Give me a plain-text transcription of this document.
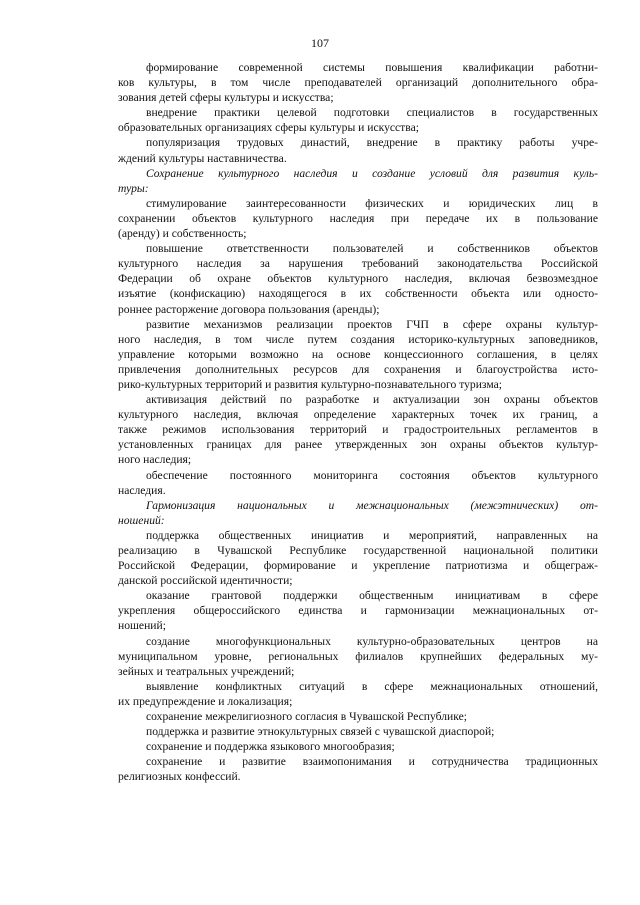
107
формирование современной системы повышения квалификации работни-
ков культуры, в том числе преподавателей организаций дополнительного обра-
зования детей сферы культуры и искусства;
внедрение практики целевой подготовки специалистов в государственных
образовательных организациях сферы культуры и искусства;
популяризация трудовых династий, внедрение в практику работы учре-
ждений культуры наставничества.
Сохранение культурного наследия и создание условий для развития куль-
туры:
стимулирование заинтересованности физических и юридических лиц в
сохранении объектов культурного наследия при передаче их в пользование
(аренду) и собственность;
повышение ответственности пользователей и собственников объектов
культурного наследия за нарушения требований законодательства Российской
Федерации об охране объектов культурного наследия, включая безвозмездное
изъятие (конфискацию) находящегося в их собственности объекта или односто-
роннее расторжение договора пользования (аренды);
развитие механизмов реализации проектов ГЧП в сфере охраны культур-
ного наследия, в том числе путем создания историко-культурных заповедников,
управление которыми возможно на основе концессионного соглашения, в целях
привлечения дополнительных ресурсов для сохранения и благоустройства исто-
рико-культурных территорий и развития культурно-познавательного туризма;
активизация действий по разработке и актуализации зон охраны объектов
культурного наследия, включая определение характерных точек их границ, а
также режимов использования территорий и градостроительных регламентов в
установленных границах для ранее утвержденных зон охраны объектов культур-
ного наследия;
обеспечение постоянного мониторинга состояния объектов культурного
наследия.
Гармонизация национальных и межнациональных (межэтнических) от-
ношений:
поддержка общественных инициатив и мероприятий, направленных на
реализацию в Чувашской Республике государственной национальной политики
Российской Федерации, формирование и укрепление патриотизма и общеграж-
данской российской идентичности;
оказание грантовой поддержки общественным инициативам в сфере
укрепления общероссийского единства и гармонизации межнациональных от-
ношений;
создание многофункциональных культурно-образовательных центров на
муниципальном уровне, региональных филиалов крупнейших федеральных му-
зейных и театральных учреждений;
выявление конфликтных ситуаций в сфере межнациональных отношений,
их предупреждение и локализация;
сохранение межрелигиозного согласия в Чувашской Республике;
поддержка и развитие этнокультурных связей с чувашской диаспорой;
сохранение и поддержка языкового многообразия;
сохранение и развитие взаимопонимания и сотрудничества традиционных
религиозных конфессий.
